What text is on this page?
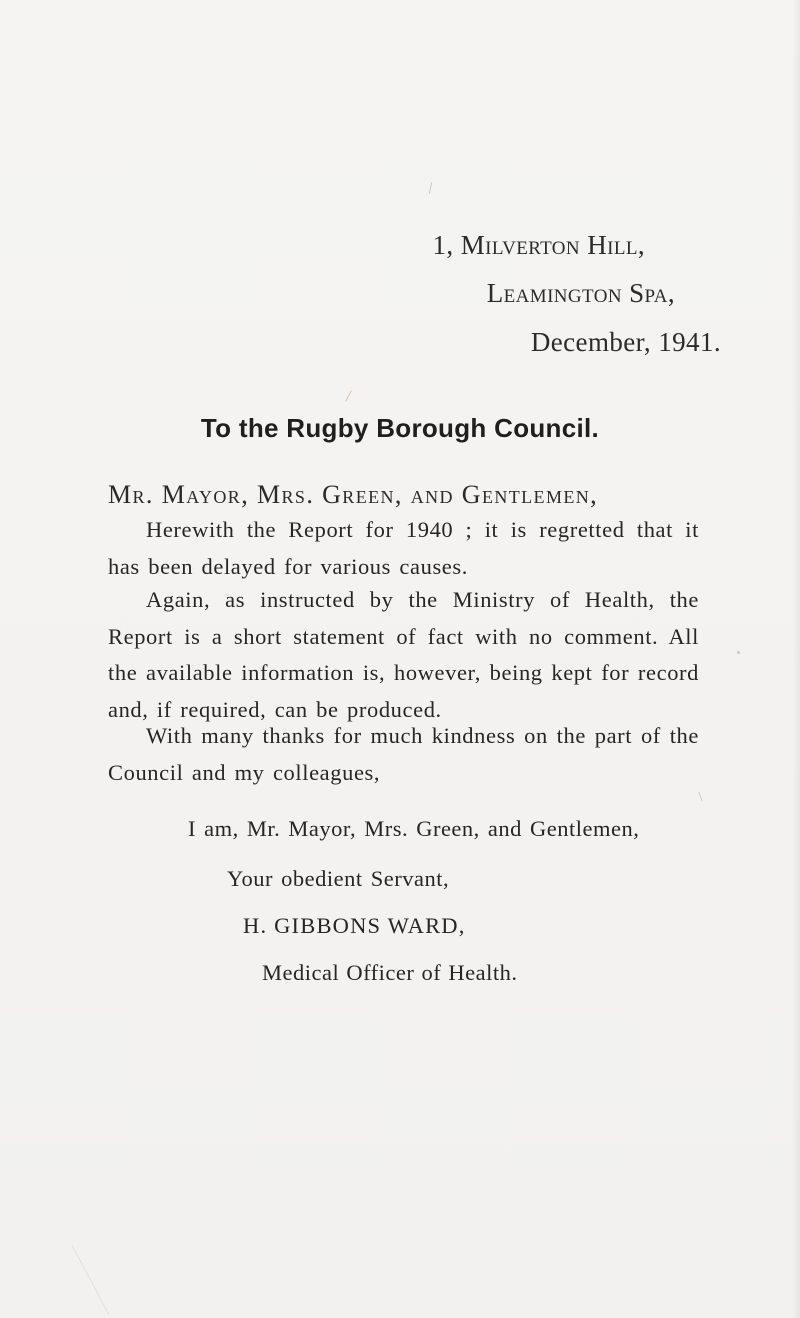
1, Milverton Hill,
Leamington Spa,
December, 1941.
To the Rugby Borough Council.
Mr. Mayor, Mrs. Green, and Gentlemen,

Herewith the Report for 1940 ; it is regretted that it has been delayed for various causes.

Again, as instructed by the Ministry of Health, the Report is a short statement of fact with no comment. All the available information is, however, being kept for record and, if required, can be produced.

With many thanks for much kindness on the part of the Council and my colleagues,

I am, Mr. Mayor, Mrs. Green, and Gentlemen,
Your obedient Servant,
H. GIBBONS WARD,
Medical Officer of Health.
